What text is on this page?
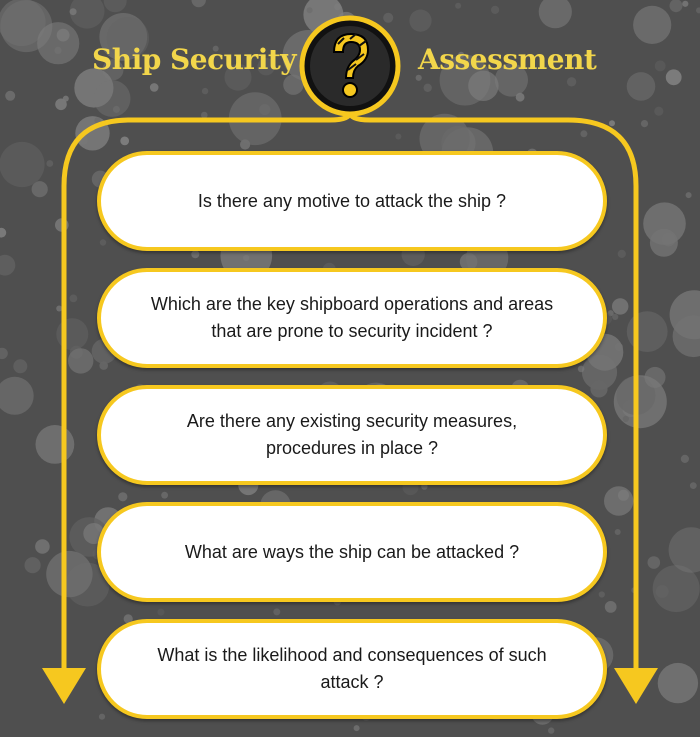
Ship Security	Assessment
Is there any motive to attack the ship ?
Which are the key shipboard operations and areas that are prone to security incident ?
Are there any existing security measures, procedures in place ?
What are ways the ship can be attacked ?
What is the likelihood and consequences of such attack ?
